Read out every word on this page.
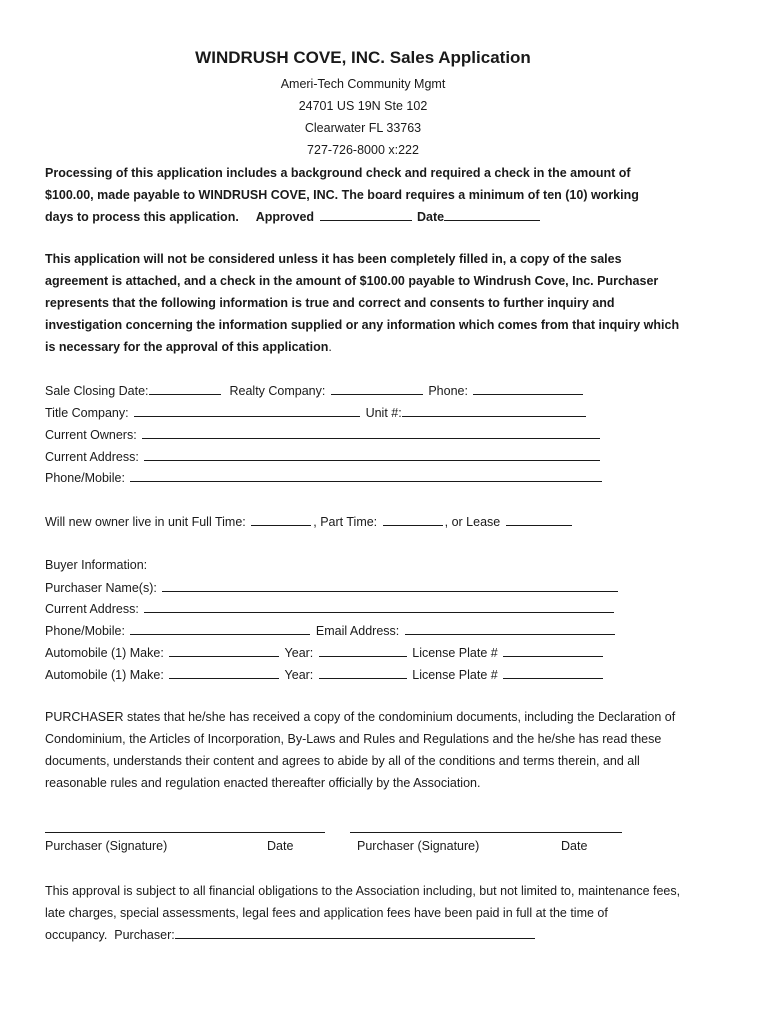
WINDRUSH COVE, INC. Sales Application
Ameri-Tech Community Mgmt
24701 US 19N Ste 102
Clearwater FL 33763
727-726-8000 x:222
Processing of this application includes a background check and required a check in the amount of
$100.00, made payable to WINDRUSH COVE, INC. The board requires a minimum of ten (10) working
days to process this application. Approved	Date

This application will not be considered unless it has been completely filled in, a copy of the sales agreement is attached, and a check in the amount of $100.00 payable to Windrush Cove, Inc. Purchaser represents that the following information is true and correct and consents to further inquiry and investigation concerning the information supplied or any information which comes from that inquiry which is necessary for the approval of this application.

Sale Closing Date:	Realty Company:	Phone:
Title Company:	Unit #:
Current Owners:
Current Address:
Phone/Mobile:
Will new owner live in unit Full Time:	, Part Time:	, or Lease
Buyer Information:
Purchaser Name(s):
Current Address:
Phone/Mobile:	Email Address:
Automobile (1) Make:	Year:	License Plate #
Automobile (1) Make:	Year:	License Plate #

PURCHASER states that he/she has received a copy of the condominium documents, including the Declaration of Condominium, the Articles of Incorporation, By-Laws and Rules and Regulations and the he/she has read these documents, understands their content and agrees to abide by all of the conditions and terms therein, and all reasonable rules and regulation enacted thereafter officially by the Association.

Purchaser (Signature)	Date	Purchaser (Signature)	Date

This approval is subject to all financial obligations to the Association including, but not limited to, maintenance fees, late charges, special assessments, legal fees and application fees have been paid in full at the time of occupancy. Purchaser:
